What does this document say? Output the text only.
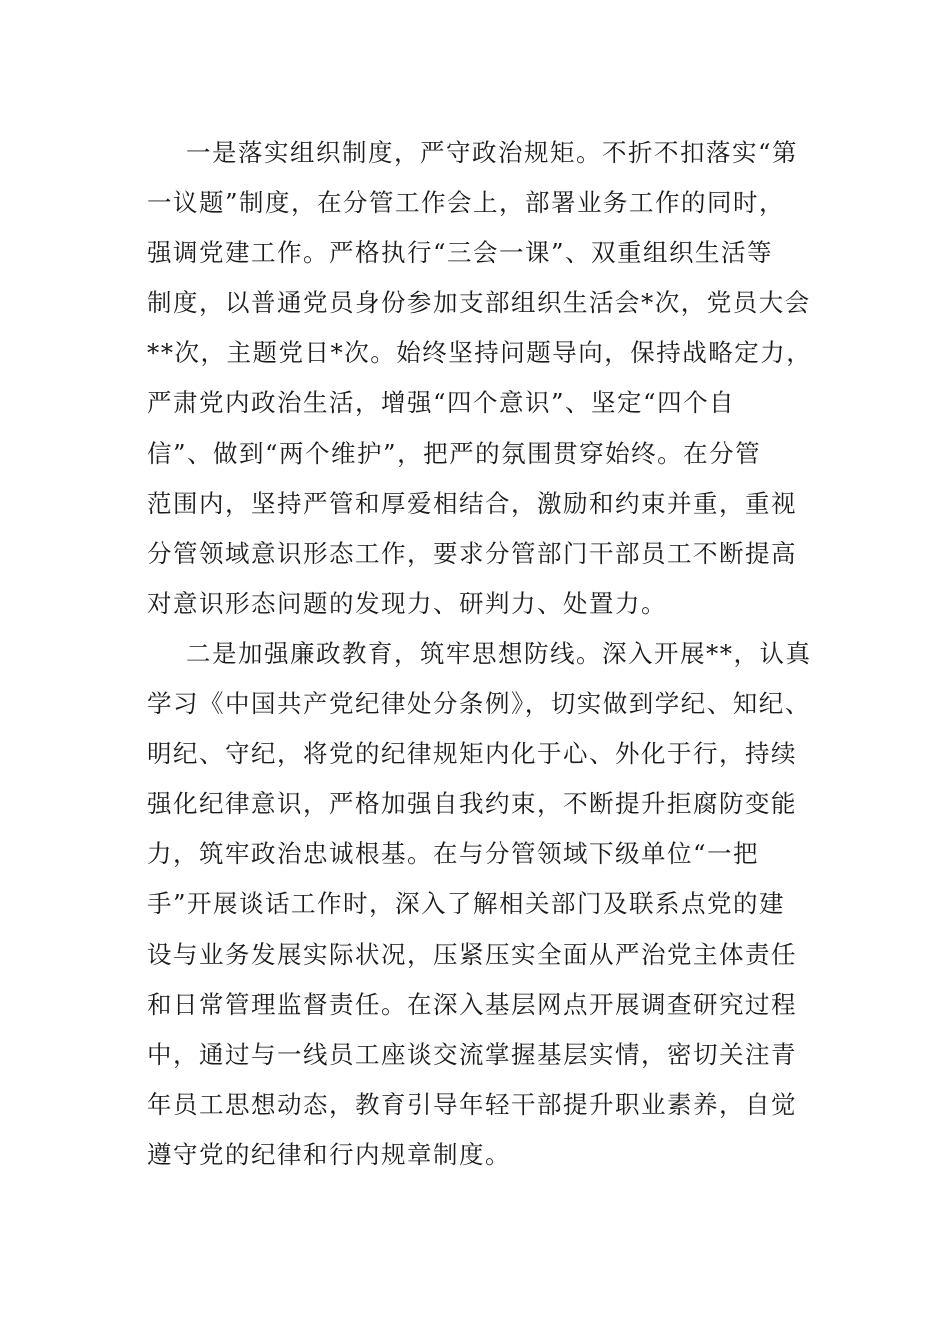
一是落实组织制度，严守政治规矩。不折不扣落实“第
一议题”制度，在分管工作会上，部署业务工作的同时，
强调党建工作。严格执行“三会一课”、双重组织生活等
制度，以普通党员身份参加支部组织生活会*次，党员大会
**次，主题党日*次。始终坚持问题导向，保持战略定力，
严肃党内政治生活，增强“四个意识”、坚定“四个自
信”、做到“两个维护”，把严的氛围贯穿始终。在分管
范围内，坚持严管和厚爱相结合，激励和约束并重，重视
分管领域意识形态工作，要求分管部门干部员工不断提高
对意识形态问题的发现力、研判力、处置力。
二是加强廉政教育，筑牢思想防线。深入开展**，认真
学习《中国共产党纪律处分条例》，切实做到学纪、知纪、
明纪、守纪，将党的纪律规矩内化于心、外化于行，持续
强化纪律意识，严格加强自我约束，不断提升拒腐防变能
力，筑牢政治忠诚根基。在与分管领域下级单位“一把
手”开展谈话工作时，深入了解相关部门及联系点党的建
设与业务发展实际状况，压紧压实全面从严治党主体责任
和日常管理监督责任。在深入基层网点开展调查研究过程
中，通过与一线员工座谈交流掌握基层实情，密切关注青
年员工思想动态，教育引导年轻干部提升职业素养，自觉
遵守党的纪律和行内规章制度。
